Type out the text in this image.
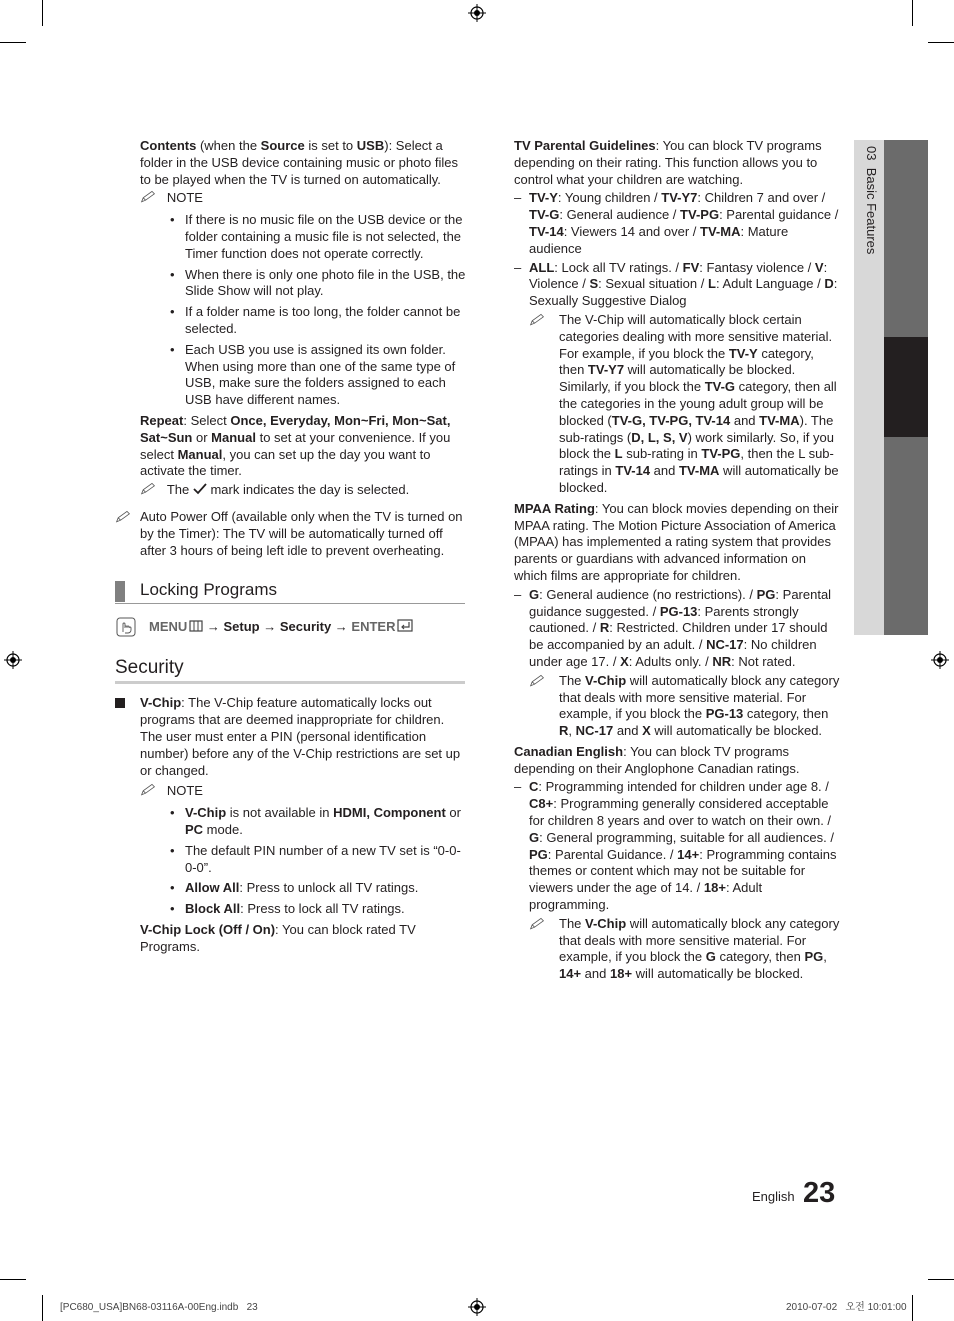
03  Basic Features

Contents (when the Source is set to USB): Select a folder in the USB device containing music or photo files to be played when the TV is turned on automatically.

NOTE
• If there is no music file on the USB device or the folder containing a music file is not selected, the Timer function does not operate correctly.
• When there is only one photo file in the USB, the Slide Show will not play.
• If a folder name is too long, the folder cannot be selected.
• Each USB you use is assigned its own folder. When using more than one of the same type of USB, make sure the folders assigned to each USB have different names.

Repeat: Select Once, Everyday, Mon~Fri, Mon~Sat, Sat~Sun or Manual to set at your convenience. If you select Manual, you can set up the day you want to activate the timer.

The  mark indicates the day is selected.
Auto Power Off (available only when the TV is turned on by the Timer): The TV will be automatically turned off after 3 hours of being left idle to prevent overheating.
Locking Programs
MENU → Setup → Security → ENTER
Security

V-Chip: The V-Chip feature automatically locks out programs that are deemed inappropriate for children. The user must enter a PIN (personal identification number) before any of the V-Chip restrictions are set up or changed.

NOTE
• V-Chip is not available in HDMI, Component or PC mode.
• The default PIN number of a new TV set is “0-0-0-0”.
• Allow All: Press to unlock all TV ratings.
• Block All: Press to lock all TV ratings.

V-Chip Lock (Off / On): You can block rated TV Programs.

TV Parental Guidelines: You can block TV programs depending on their rating. This function allows you to control what your children are watching.

– TV-Y: Young children / TV-Y7: Children 7 and over / TV-G: General audience / TV-PG: Parental guidance / TV-14: Viewers 14 and over / TV-MA: Mature audience
– ALL: Lock all TV ratings. / FV: Fantasy violence / V: Violence / S: Sexual situation / L: Adult Language / D: Sexually Suggestive Dialog
The V-Chip will automatically block certain categories dealing with more sensitive material. For example, if you block the TV-Y category, then TV-Y7 will automatically be blocked. Similarly, if you block the TV-G category, then all the categories in the young adult group will be blocked (TV-G, TV-PG, TV-14 and TV-MA). The sub-ratings (D, L, S, V) work similarly. So, if you block the L sub-rating in TV-PG, then the L sub-ratings in TV-14 and TV-MA will automatically be blocked.

MPAA Rating: You can block movies depending on their MPAA rating. The Motion Picture Association of America (MPAA) has implemented a rating system that provides parents or guardians with advanced information on which films are appropriate for children.

– G: General audience (no restrictions). / PG: Parental guidance suggested. / PG-13: Parents strongly cautioned. / R: Restricted. Children under 17 should be accompanied by an adult. / NC-17: No children under age 17. / X: Adults only. / NR: Not rated.
The V-Chip will automatically block any category that deals with more sensitive material. For example, if you block the PG-13 category, then R, NC-17 and X will automatically be blocked.

Canadian English: You can block TV programs depending on their Anglophone Canadian ratings.

– C: Programming intended for children under age 8. / C8+: Programming generally considered acceptable for children 8 years and over to watch on their own. / G: General programming, suitable for all audiences. / PG: Parental Guidance. / 14+: Programming contains themes or content which may not be suitable for viewers under the age of 14. / 18+: Adult programming.
The V-Chip will automatically block any category that deals with more sensitive material. For example, if you block the G category, then PG, 14+ and 18+ will automatically be blocked.
English 23
[PC680_USA]BN68-03116A-00Eng.indb   23	2010-07-02   오전 10:01:00
